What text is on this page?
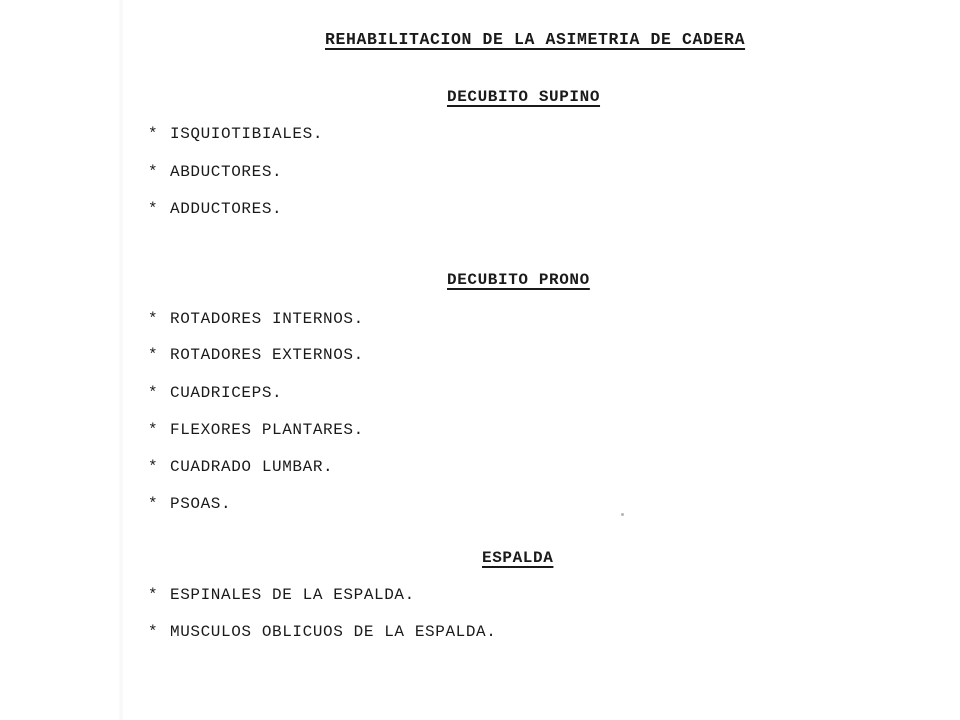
REHABILITACION DE LA ASIMETRIA DE CADERA
DECUBITO SUPINO
* ISQUIOTIBIALES.
* ABDUCTORES.
* ADDUCTORES.
DECUBITO PRONO
* ROTADORES INTERNOS.
* ROTADORES EXTERNOS.
* CUADRICEPS.
* FLEXORES PLANTARES.
* CUADRADO LUMBAR.
* PSOAS.
ESPALDA
* ESPINALES DE LA ESPALDA.
* MUSCULOS OBLICUOS DE LA ESPALDA.
